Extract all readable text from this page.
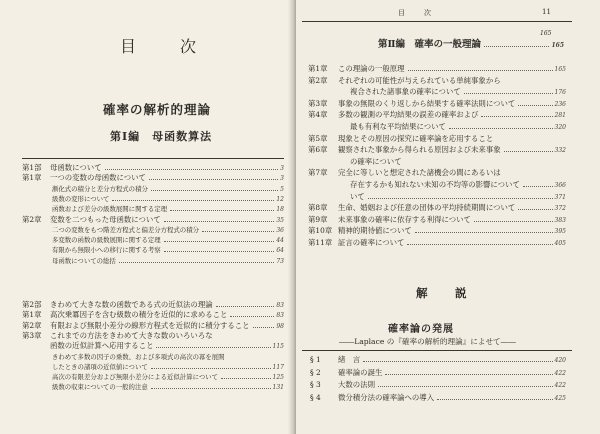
目　次
確率の解析的理論
第Ⅰ編　母函数算法
第1部	母函数について	3
第1章	一つの変数の母函数について	3
漸化式の積分と差分方程式の積分	5
級数の変形について	12
函数および差分の級数展開に関する定理	18
第2章	変数を二つもった母函数について	35
二つの変数をもつ階差方程式と偏差分方程式の積分	36
多変数の函数の級数展開に関する定理	44
有限から無限小への移行に関する考察	64
母函数についての総括	73
第2部	きわめて大きな数の函数である式の近似法の理論	83
第1章	高次乗冪因子を含む級数の積分を近似的に求めること	83
第2章	有限および無限小差分の線形方程式を近似的に積分すること	98
第3章	これまでの方法をきわめて大きな数のいろいろな
函数の近似計算へ応用すること	115
きわめて多数の因子の乗数、および多項式の高次の冪を展開
したときの諸項の近似値について	117
高次の有限差分および無限小差分による近似計算について	125
級数の収束についての一般的注意	131
目　次	11
165
第Ⅱ編　確率の一般理論	165
第1章	この理論の一般原理	165
第2章	それぞれの可能性が与えられている単純事象から
複合された諸事象の確率について	176
第3章	事象の無限のくり返しから結果する確率法則について	236
第4章	多数の観測の平均結果の誤差の確率および	281
最も有利な平均結果について	320
第5章	現象とその原因の探究に確率論を応用すること
第6章	観察された事象から得られる原因および未来事象	332
の確率について
第7章	完全に等しいと想定された諸機会の間にあるいは
存在するかも知れない未知の不均等の影響について	366
いて	371
第8章	生命、婚姻および任意の団体の平均持続期間について	372
第9章	未来事象の確率に依存する利得について	383
第10章 精神的期待値について	395
第11章 証言の確率について	405
解　説
確率論の発展
――Laplace の『確率の解析的理論』によせて――
§ 1	緒　言	420
§ 2	確率論の誕生	422
§ 3	大数の法則	422
§ 4	微分積分法の確率論への導入	425
